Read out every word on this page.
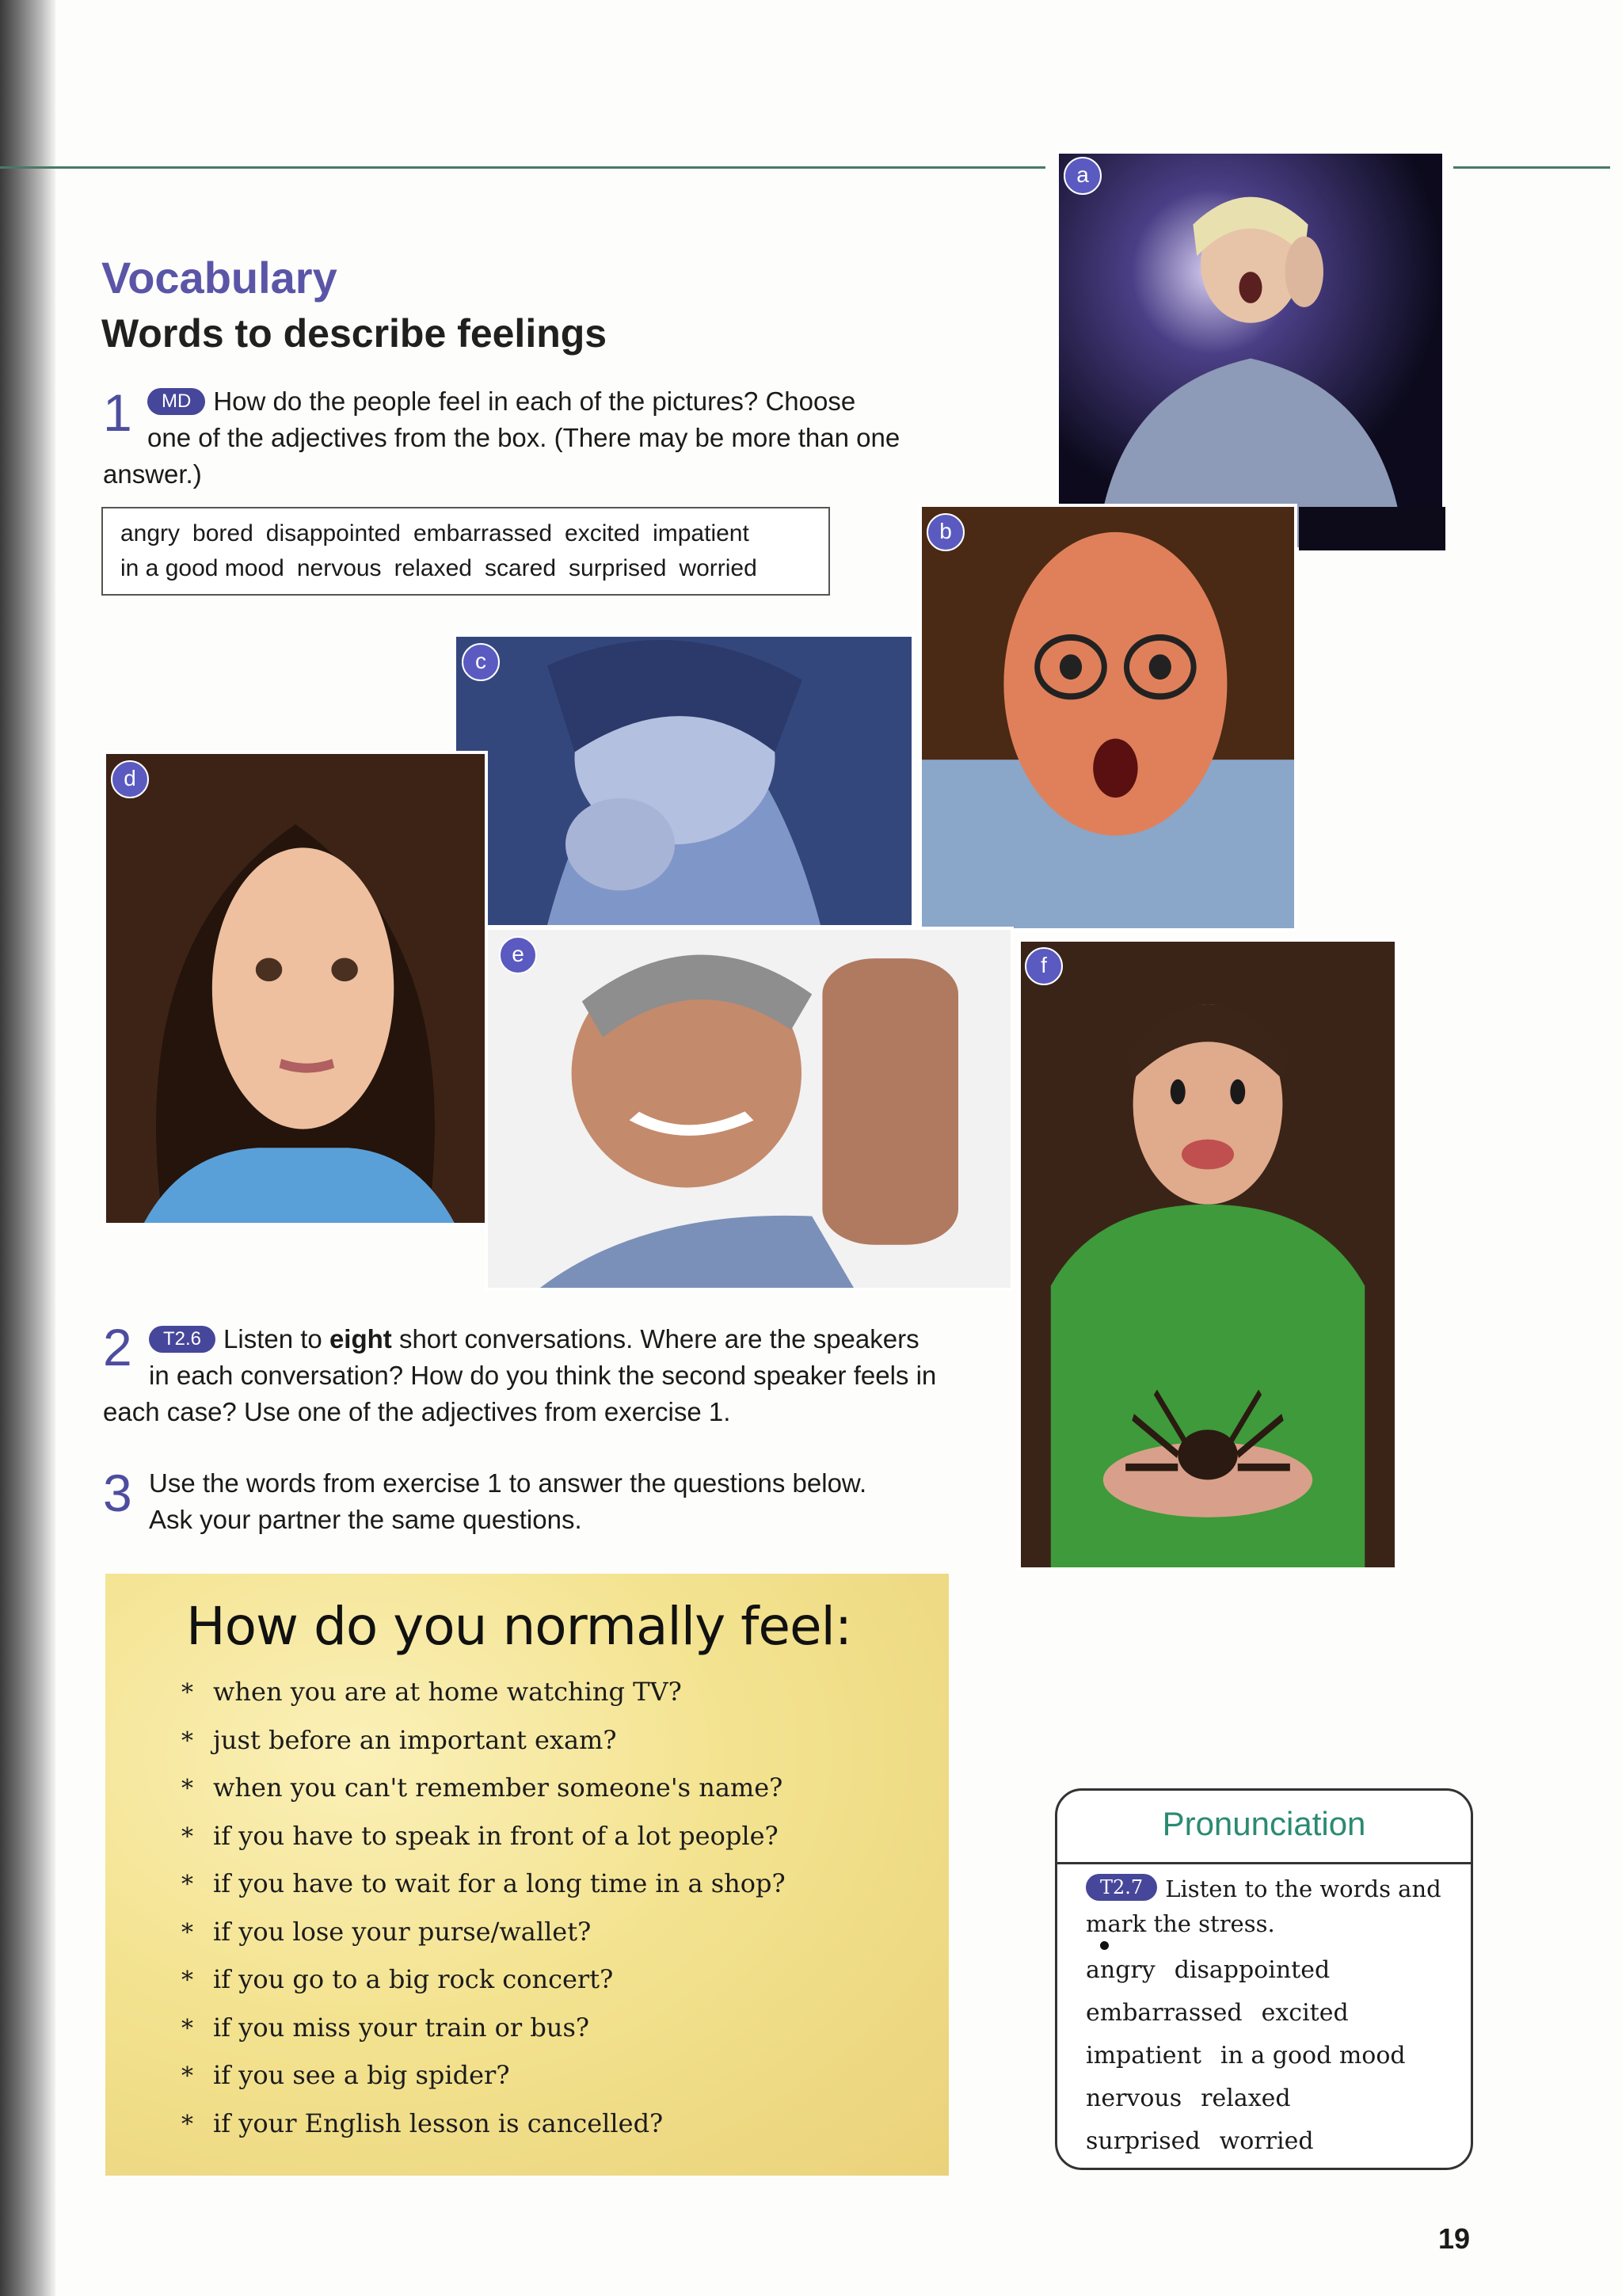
Vocabulary
Words to describe feelings
1	MD How do the people feel in each of the pictures? Choose
one of the adjectives from the box. (There may be more than one
answer.)
angry bored disappointed embarrassed excited impatient
in a good mood nervous relaxed scared surprised worried
a
b
c
d
e	f
2	T2.6 Listen to eight short conversations. Where are the speakers
in each conversation? How do you think the second speaker feels in
each case? Use one of the adjectives from exercise 1.
3 Use the words from exercise 1 to answer the questions below.
Ask your partner the same questions.
How do you normally feel:
* when you are at home watching TV?
* just before an important exam?
* when you can't remember someone's name?
* if you have to speak in front of a lot people?
* if you have to wait for a long time in a shop?
* if you lose your purse/wallet?
* if you go to a big rock concert?
* if you miss your train or bus?
* if you see a big spider?
* if your English lesson is cancelled?
Pronunciation
T2.7 Listen to the words and mark the stress.
angry disappointed
embarrassed excited
impatient in a good mood
nervous relaxed
surprised worried
19
